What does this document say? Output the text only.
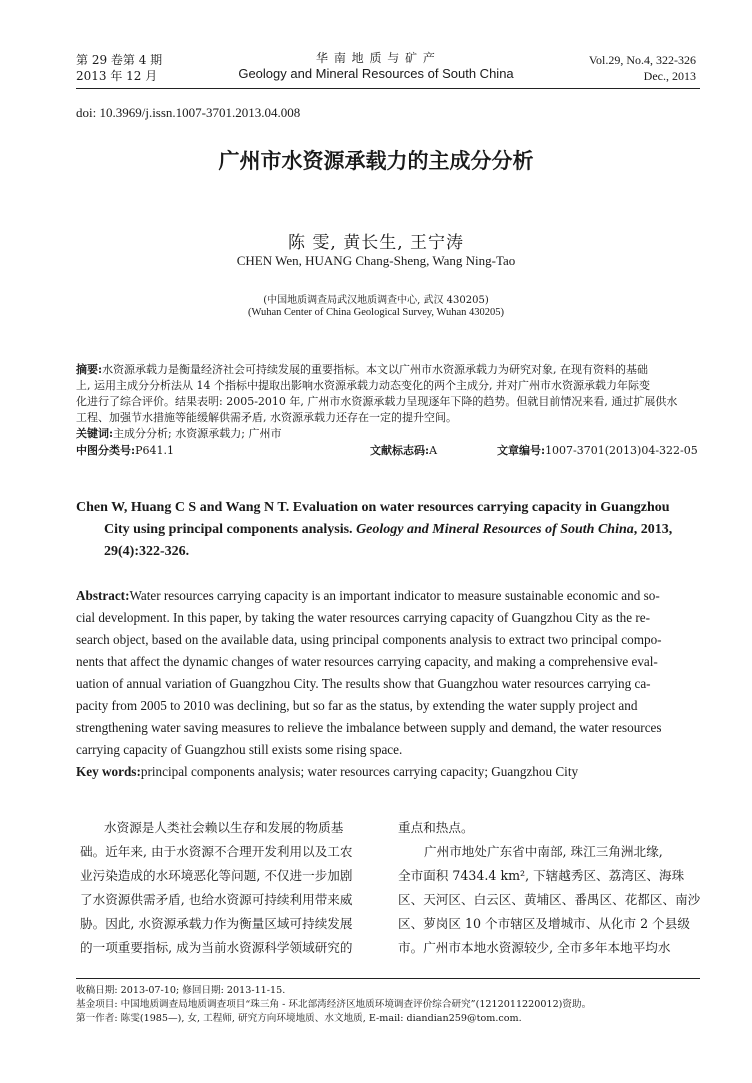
第 29 卷第 4 期
2013 年 12 月
华 南 地 质 与 矿 产
Geology and Mineral Resources of South China
Vol.29, No.4, 322-326
Dec., 2013
doi: 10.3969/j.issn.1007-3701.2013.04.008
广州市水资源承载力的主成分分析
陈 雯, 黄长生, 王宁涛
CHEN Wen, HUANG Chang-Sheng, Wang Ning-Tao
(中国地质调查局武汉地质调查中心, 武汉 430205)
(Wuhan Center of China Geological Survey, Wuhan 430205)
摘要:水资源承载力是衡量经济社会可持续发展的重要指标。本文以广州市水资源承载力为研究对象, 在现有资料的基础
上, 运用主成分分析法从 14 个指标中提取出影响水资源承载力动态变化的两个主成分, 并对广州市水资源承载力年际变
化进行了综合评价。结果表明: 2005-2010 年, 广州市水资源承载力呈现逐年下降的趋势。但就目前情况来看, 通过扩展供水
工程、加强节水措施等能缓解供需矛盾, 水资源承载力还存在一定的提升空间。
关键词:主成分分析; 水资源承载力; 广州市
中图分类号:P641.1	文献标志码:A	文章编号:1007-3701(2013)04-322-05
Chen W, Huang C S and Wang N T. Evaluation on water resources carrying capacity in Guangzhou
City using principal components analysis. Geology and Mineral Resources of South China, 2013,
29(4):322-326.
Abstract:Water resources carrying capacity is an important indicator to measure sustainable economic and so-
cial development. In this paper, by taking the water resources carrying capacity of Guangzhou City as the re-
search object, based on the available data, using principal components analysis to extract two principal compo-
nents that affect the dynamic changes of water resources carrying capacity, and making a comprehensive eval-
uation of annual variation of Guangzhou City. The results show that Guangzhou water resources carrying ca-
pacity from 2005 to 2010 was declining, but so far as the status, by extending the water supply project and
strengthening water saving measures to relieve the imbalance between supply and demand, the water resources
carrying capacity of Guangzhou still exists some rising space.
Key words:principal components analysis; water resources carrying capacity; Guangzhou City
水资源是人类社会赖以生存和发展的物质基
础。近年来, 由于水资源不合理开发利用以及工农
业污染造成的水环境恶化等问题, 不仅进一步加剧
了水资源供需矛盾, 也给水资源可持续利用带来威
胁。因此, 水资源承载力作为衡量区域可持续发展
的一项重要指标, 成为当前水资源科学领域研究的
重点和热点。
广州市地处广东省中南部, 珠江三角洲北缘,
全市面积 7434.4 km², 下辖越秀区、荔湾区、海珠
区、天河区、白云区、黄埔区、番禺区、花都区、南沙
区、萝岗区 10 个市辖区及增城市、从化市 2 个县级
市。广州市本地水资源较少, 全市多年本地平均水
收稿日期: 2013-07-10; 修回日期: 2013-11-15.
基金项目: 中国地质调查局地质调查项目“珠三角 - 环北部湾经济区地质环境调查评价综合研究”(1212011220012)资助。
第一作者: 陈雯(1985—), 女, 工程师, 研究方向环境地质、水文地质, E-mail: diandian259@tom.com.
